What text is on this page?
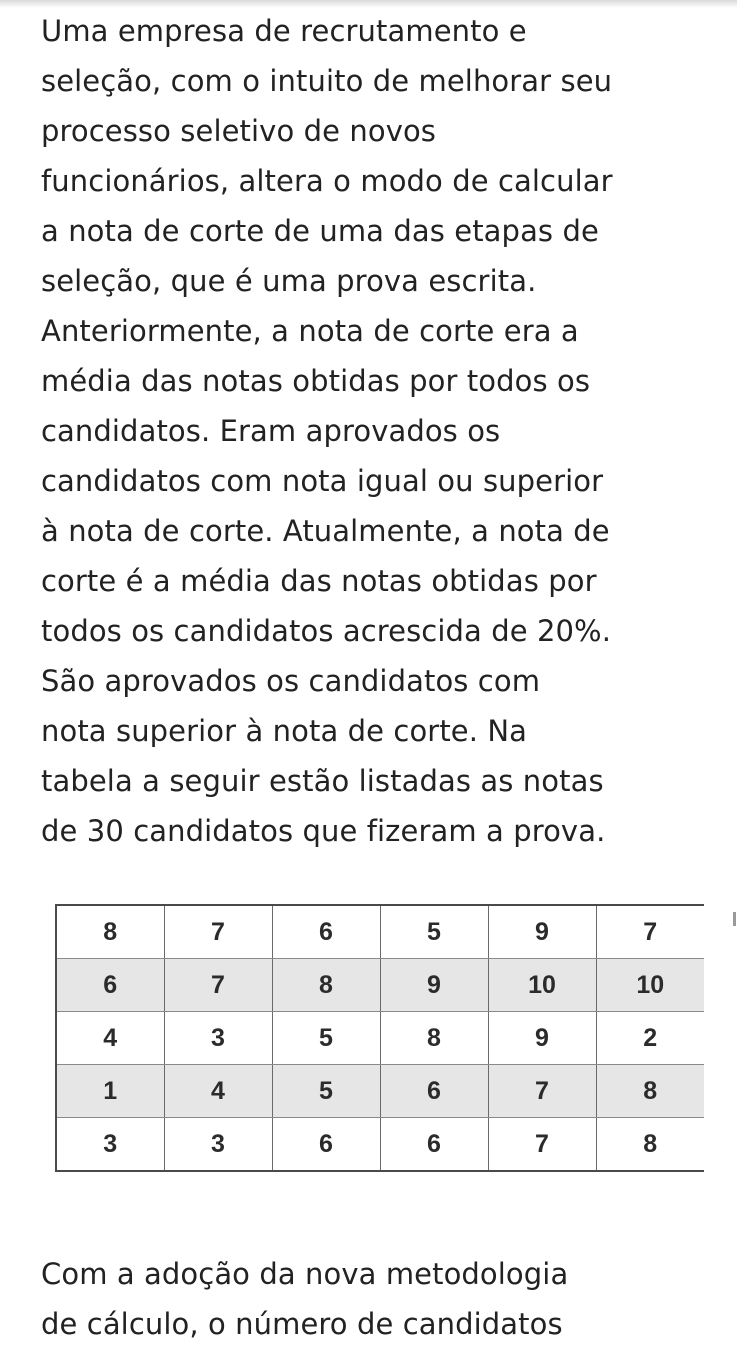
Uma empresa de recrutamento e
seleção, com o intuito de melhorar seu
processo seletivo de novos
funcionários, altera o modo de calcular
a nota de corte de uma das etapas de
seleção, que é uma prova escrita.
Anteriormente, a nota de corte era a
média das notas obtidas por todos os
candidatos. Eram aprovados os
candidatos com nota igual ou superior
à nota de corte. Atualmente, a nota de
corte é a média das notas obtidas por
todos os candidatos acrescida de 20%.
São aprovados os candidatos com
nota superior à nota de corte. Na
tabela a seguir estão listadas as notas
de 30 candidatos que fizeram a prova.
8	7	6	5	9	7
6	7	8	9	10	10
4	3	5	8	9	2
1	4	5	6	7	8
3	3	6	6	7	8
Com a adoção da nova metodologia
de cálculo, o número de candidatos
